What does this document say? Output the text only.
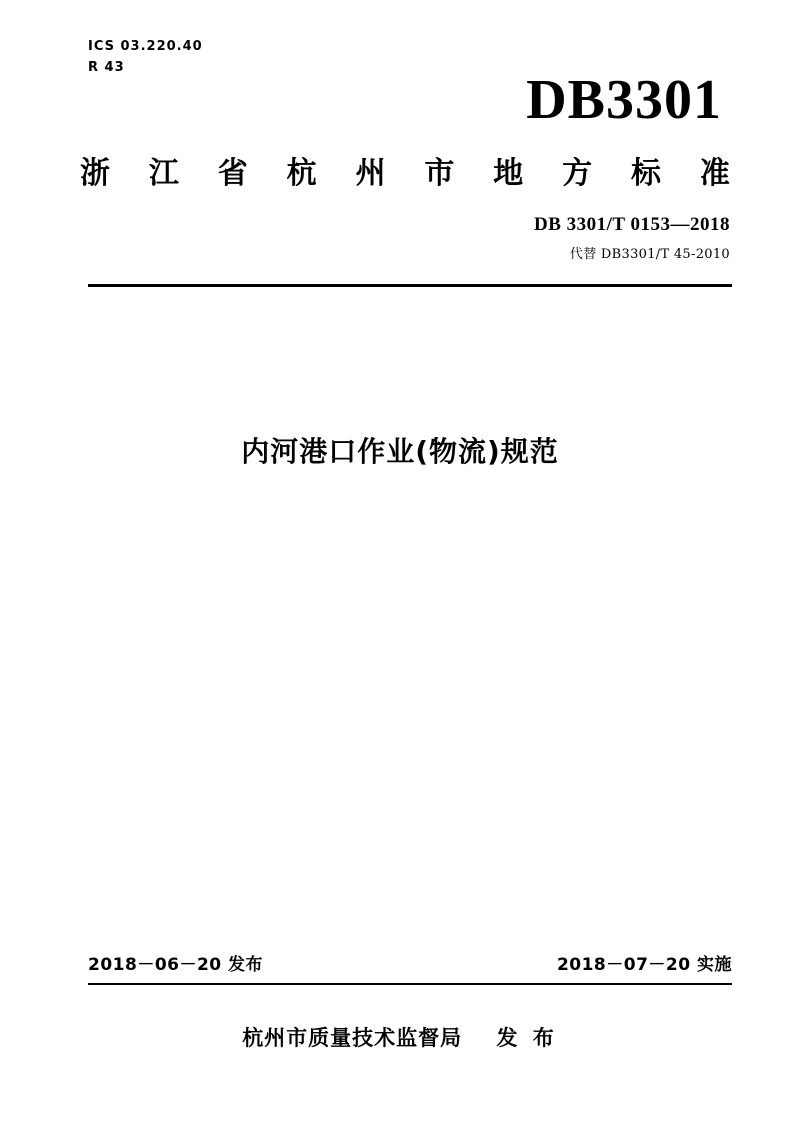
ICS 03.220.40
R 43
DB3301
浙 江 省 杭 州 市 地 方 标 准
DB 3301/T 0153—2018
代替 DB3301/T 45-2010
内河港口作业(物流)规范
2018－06－20 发布	2018－07－20 实施
杭州市质量技术监督局 发 布
